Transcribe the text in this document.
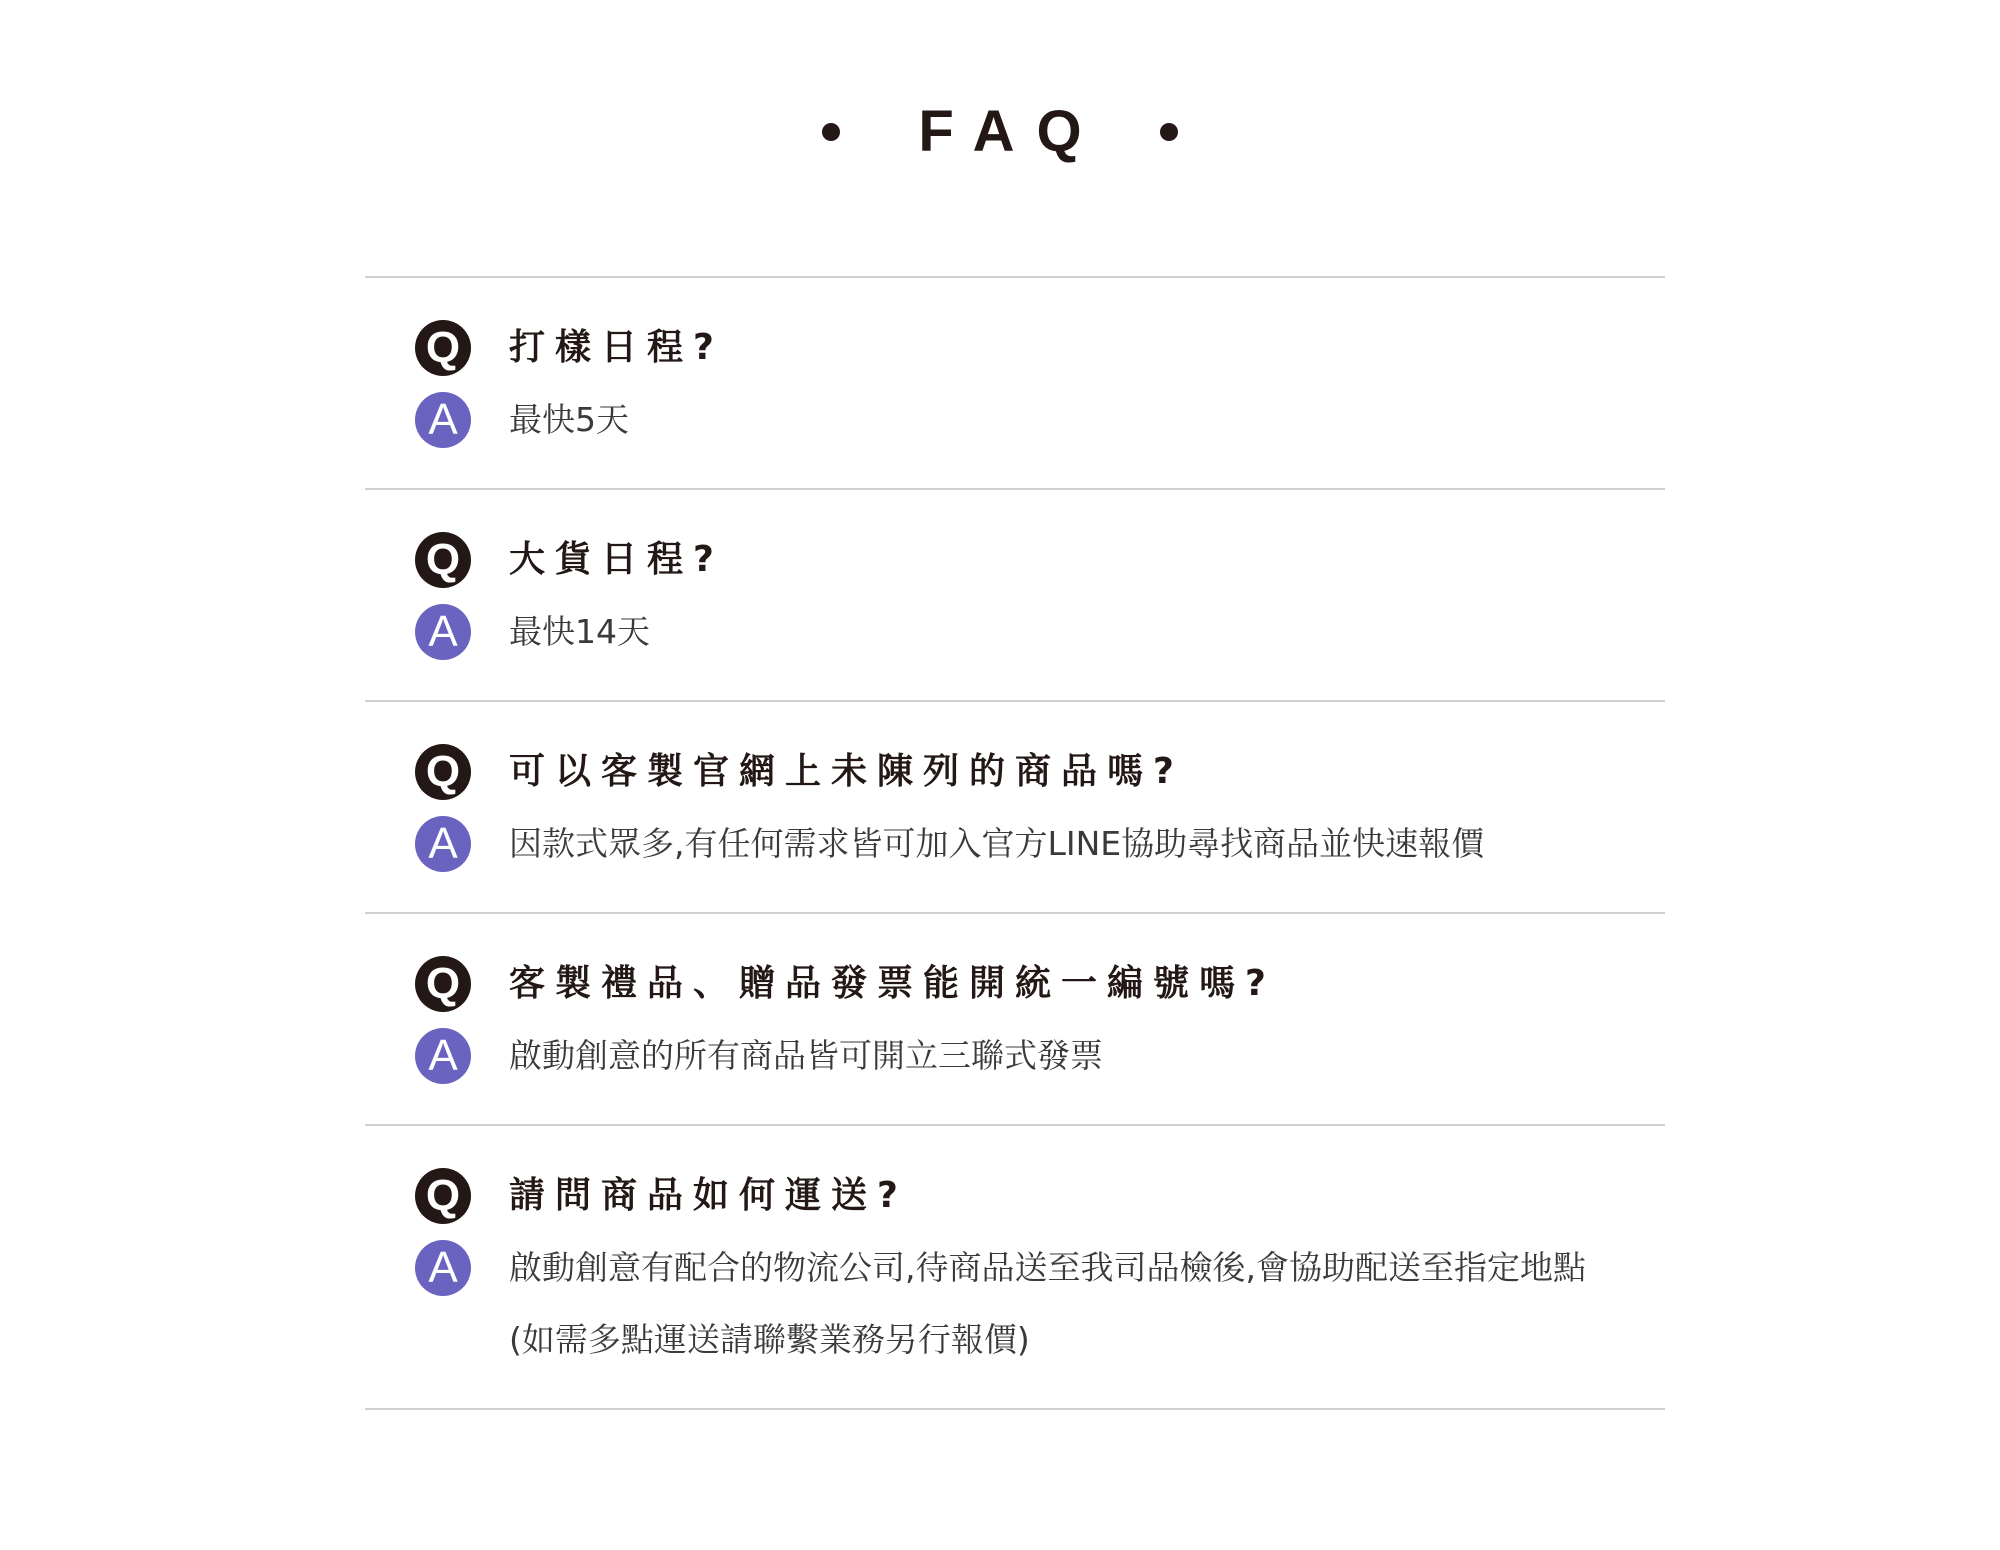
FAQ
Q	打樣日程?
A	最快5天
Q	大貨日程?
A	最快14天
Q	可以客製官網上未陳列的商品嗎?
A	因款式眾多,有任何需求皆可加入官方LINE協助尋找商品並快速報價
Q	客製禮品、贈品發票能開統一編號嗎?
A	啟動創意的所有商品皆可開立三聯式發票
Q	請問商品如何運送?
A	啟動創意有配合的物流公司,待商品送至我司品檢後,會協助配送至指定地點
(如需多點運送請聯繫業務另行報價)
